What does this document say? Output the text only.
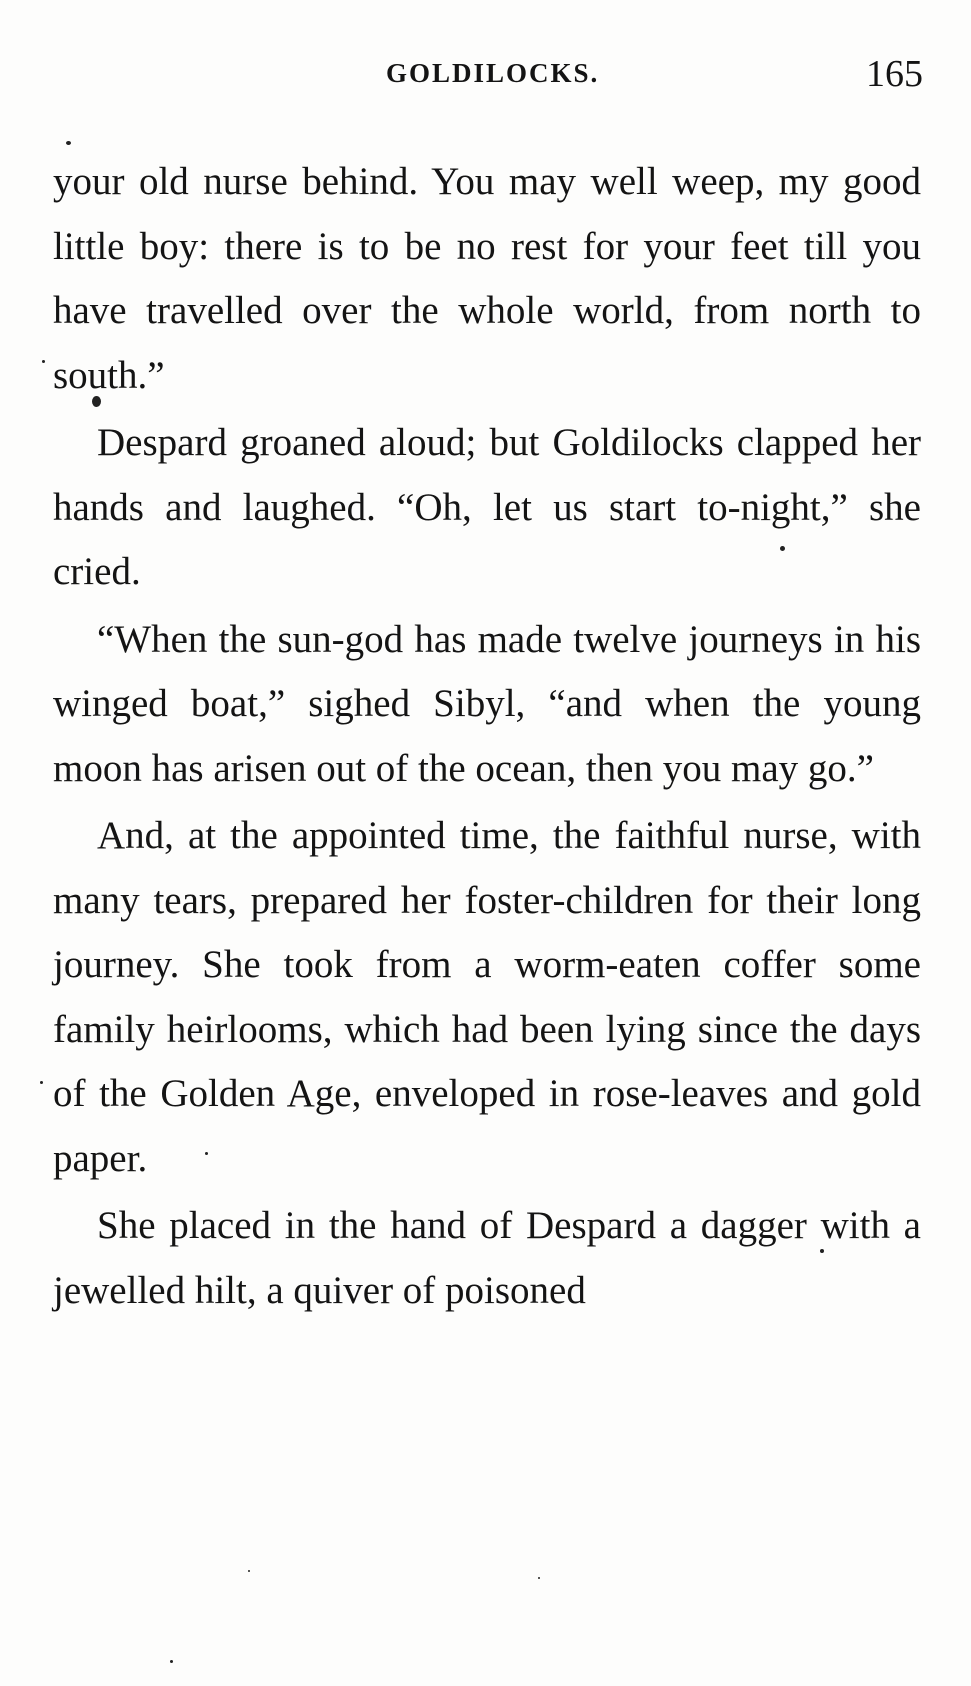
GOLDILOCKS.	165

your old nurse behind. You may well weep, my good little boy: there is to be no rest for your feet till you have travelled over the whole world, from north to south.”

Despard groaned aloud; but Goldilocks clapped her hands and laughed. “Oh, let us start to-night,” she cried.

“When the sun-god has made twelve journeys in his winged boat,” sighed Sibyl, “and when the young moon has arisen out of the ocean, then you may go.”

And, at the appointed time, the faithful nurse, with many tears, prepared her foster-children for their long journey. She took from a worm-eaten coffer some family heirlooms, which had been lying since the days of the Golden Age, enveloped in rose-leaves and gold paper.

She placed in the hand of Despard a dagger with a jewelled hilt, a quiver of poisoned
